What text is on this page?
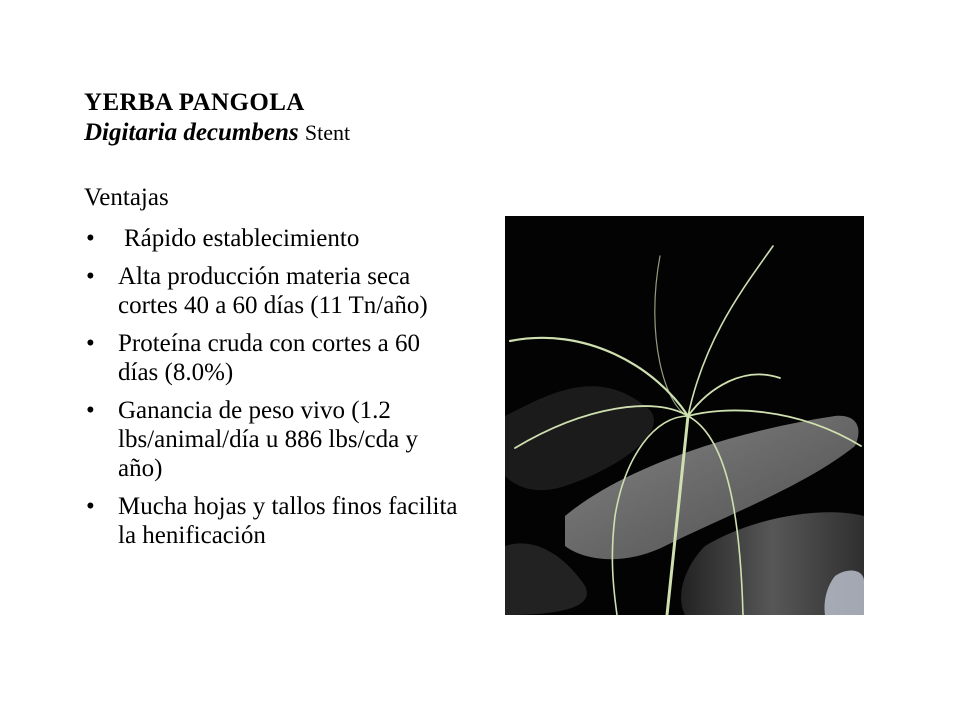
YERBA PANGOLA
Digitaria decumbens Stent
Ventajas
• Rápido establecimiento
• Alta producción materia seca cortes 40 a 60 días (11 Tn/año)
• Proteína cruda con cortes a 60 días (8.0%)
• Ganancia de peso vivo (1.2 lbs/animal/día u 886 lbs/cda y año)
• Mucha hojas y tallos finos facilita la henificación
